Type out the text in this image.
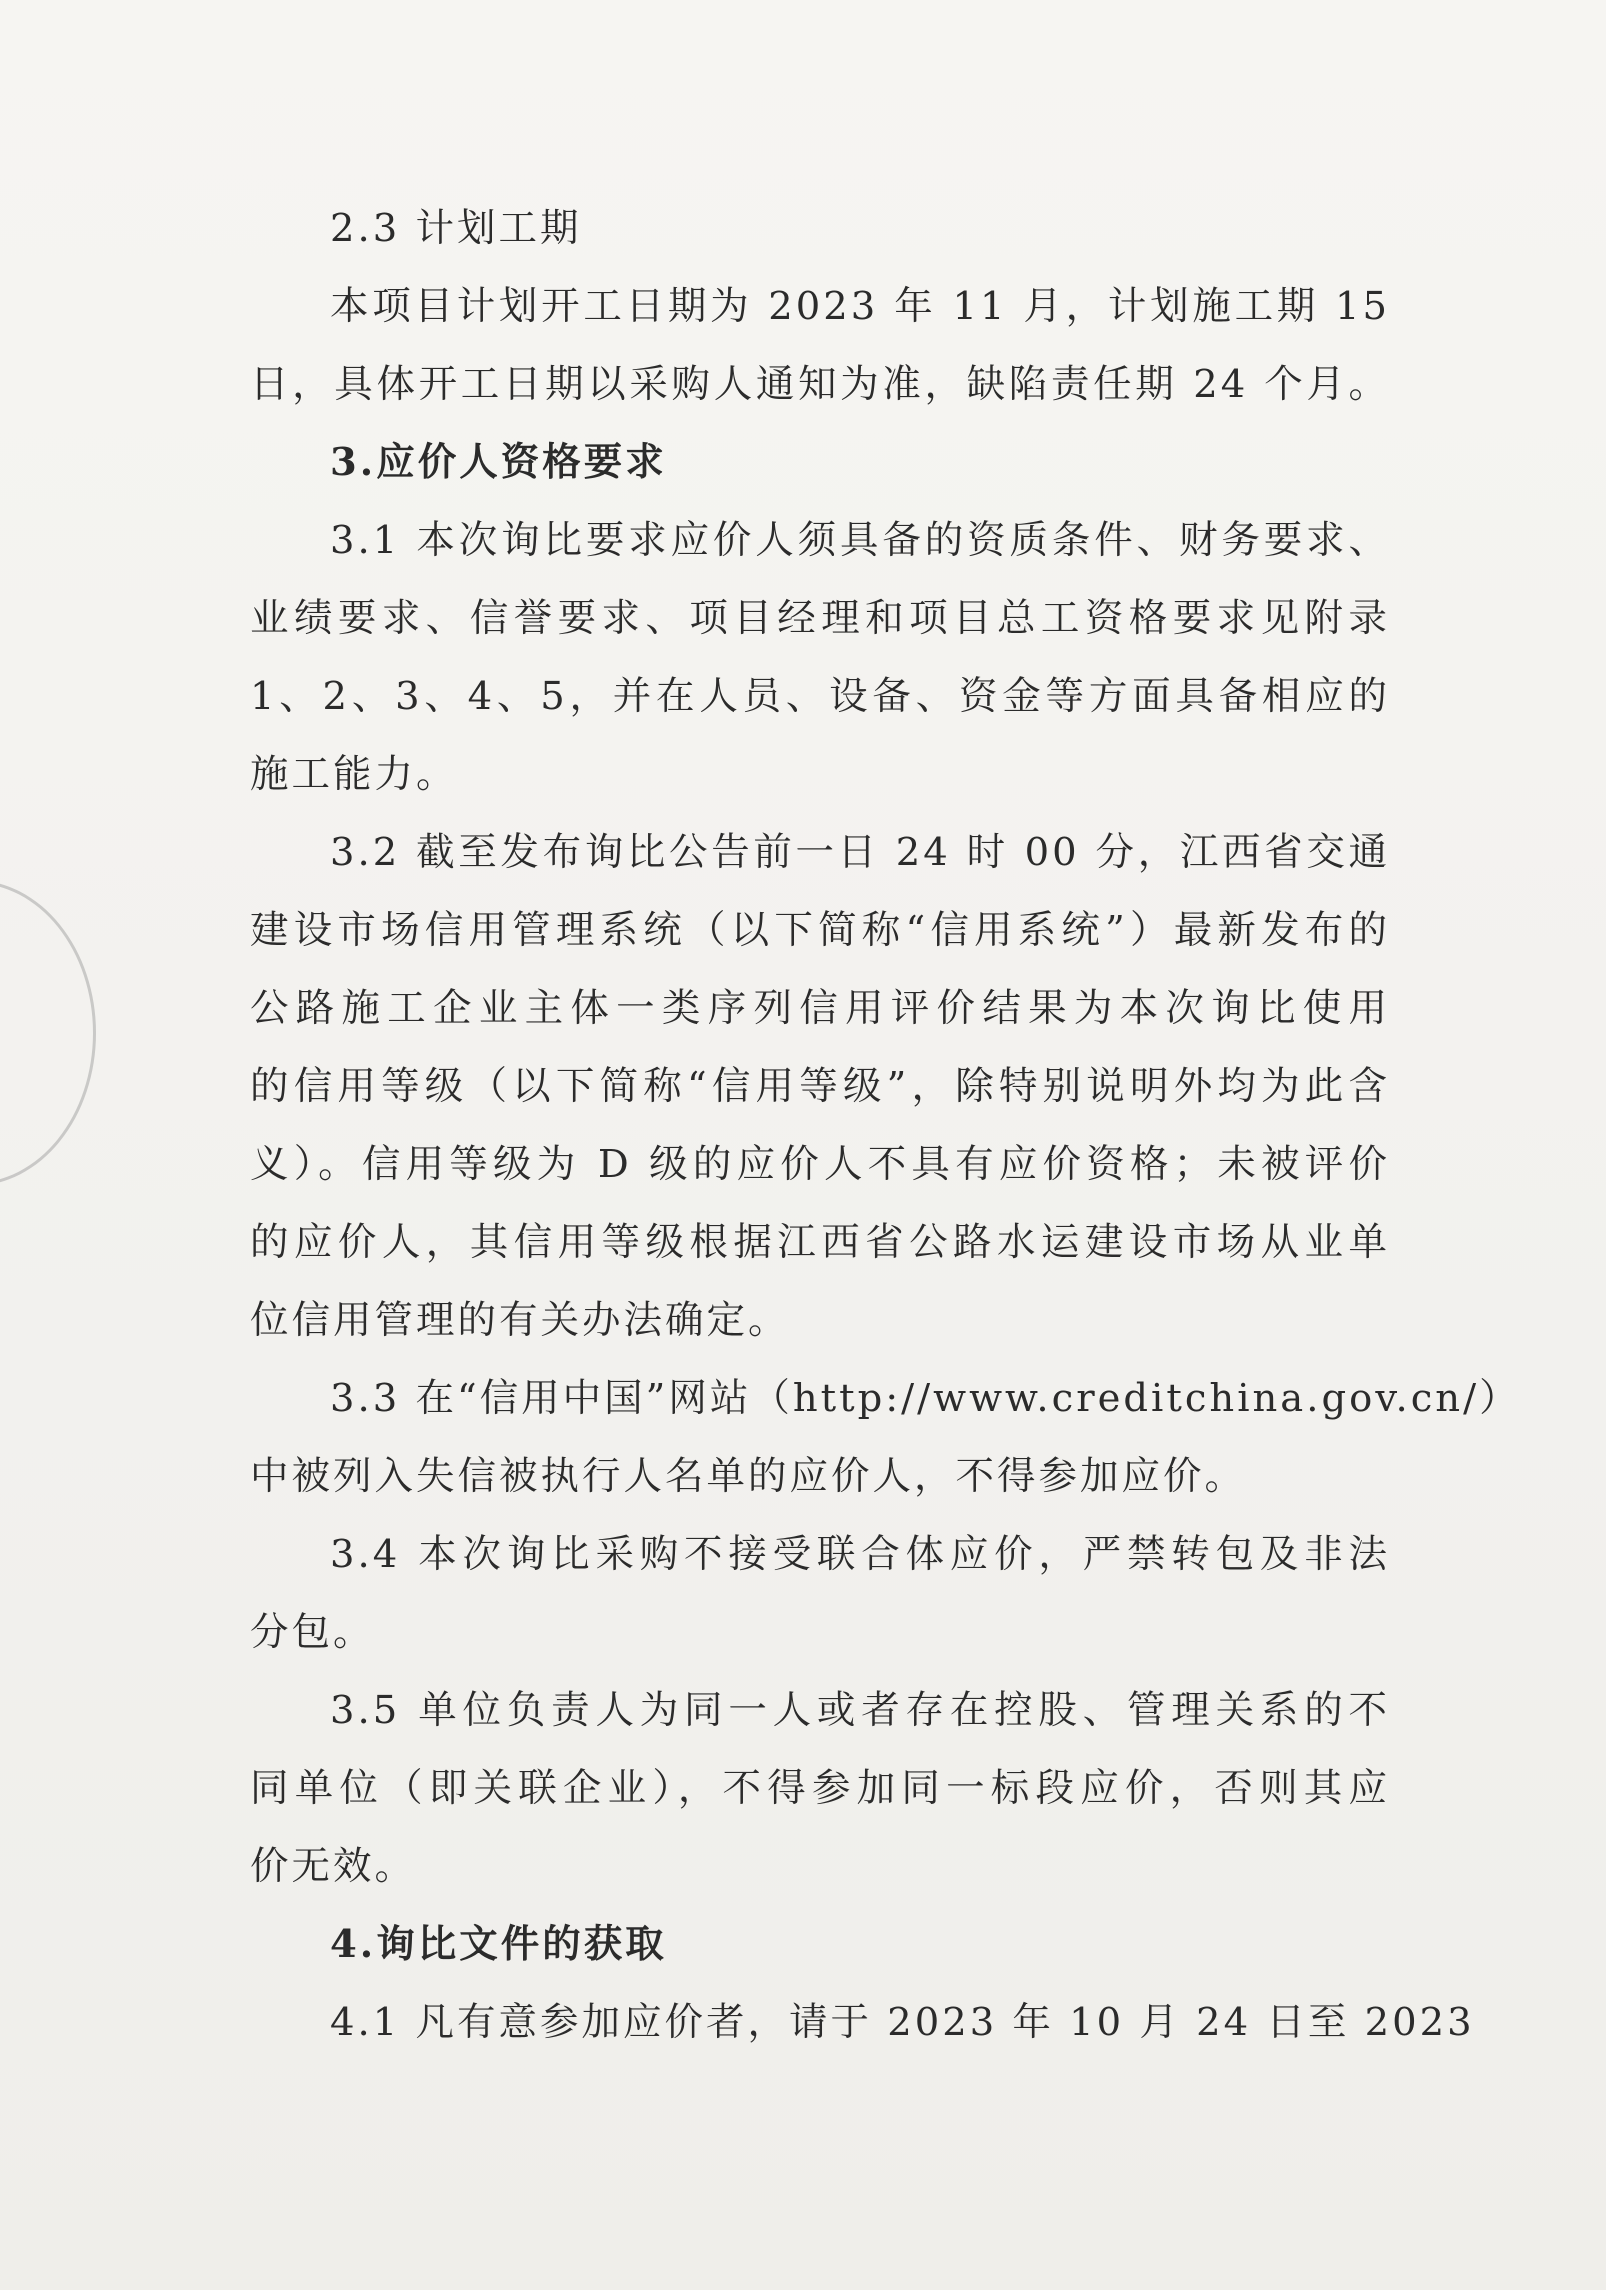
2.3 计划工期
本项目计划开工日期为 2023 年 11 月，计划施工期 15
日，具体开工日期以采购人通知为准，缺陷责任期 24 个月。
3.应价人资格要求
3.1 本次询比要求应价人须具备的资质条件、财务要求、
业绩要求、信誉要求、项目经理和项目总工资格要求见附录
1、2、3、4、5，并在人员、设备、资金等方面具备相应的
施工能力。
3.2 截至发布询比公告前一日 24 时 00 分，江西省交通
建设市场信用管理系统（以下简称“信用系统”）最新发布的
公路施工企业主体一类序列信用评价结果为本次询比使用
的信用等级（以下简称“信用等级”，除特别说明外均为此含
义）。信用等级为 D 级的应价人不具有应价资格；未被评价
的应价人，其信用等级根据江西省公路水运建设市场从业单
位信用管理的有关办法确定。
3.3 在“信用中国”网站（http://www.creditchina.gov.cn/）
中被列入失信被执行人名单的应价人，不得参加应价。
3.4 本次询比采购不接受联合体应价，严禁转包及非法
分包。
3.5 单位负责人为同一人或者存在控股、管理关系的不
同单位（即关联企业），不得参加同一标段应价，否则其应
价无效。
4.询比文件的获取
4.1 凡有意参加应价者，请于 2023 年 10 月 24 日至 2023
